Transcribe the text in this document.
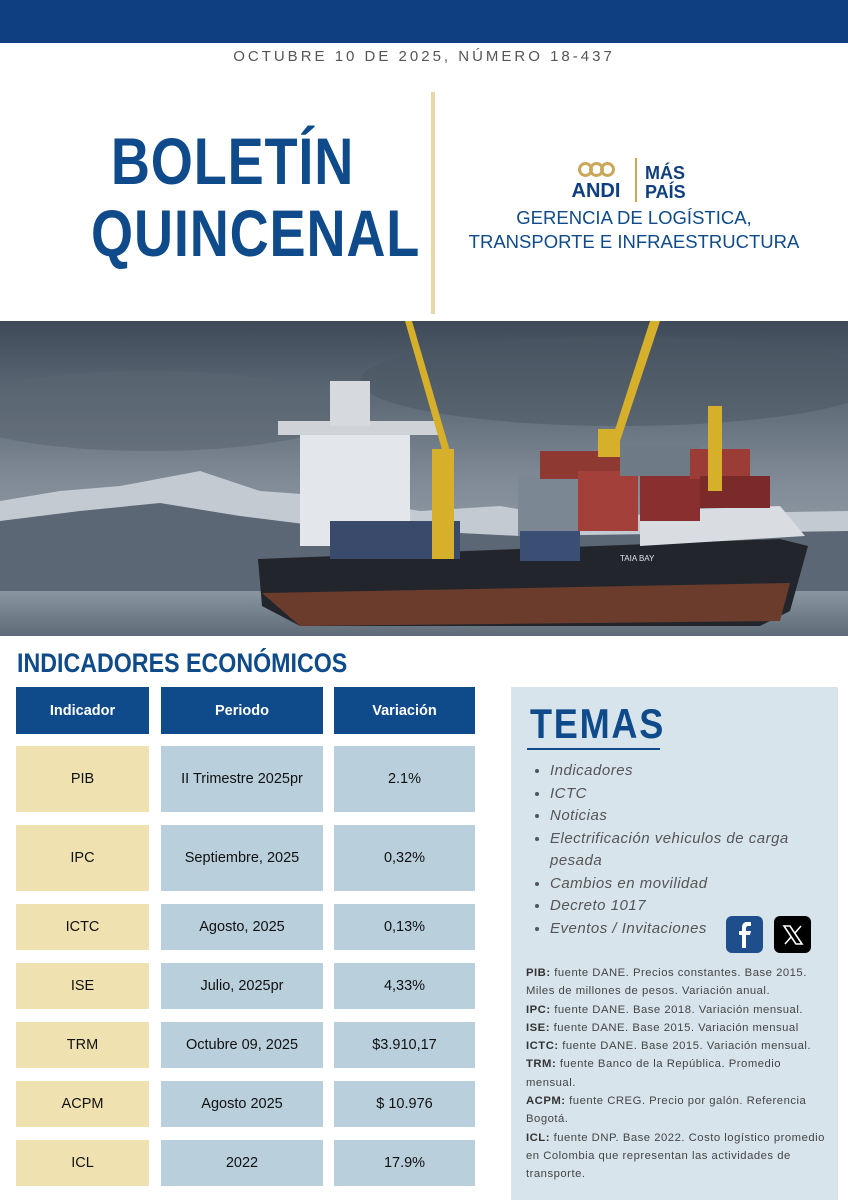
OCTUBRE 10 DE 2025, NÚMERO 18-437
BOLETÍN
QUINCENAL
ANDI
MÁS
PAÍS
GERENCIA DE LOGÍSTICA,
TRANSPORTE E INFRAESTRUCTURA
TAIA BAY
INDICADORES ECONÓMICOS
Indicador	Periodo	Variación
PIB	II Trimestre 2025pr	2.1%
IPC	Septiembre, 2025	0,32%
ICTC	Agosto, 2025	0,13%
ISE	Julio, 2025pr	4,33%
TRM	Octubre 09, 2025	$3.910,17
ACPM	Agosto 2025	$ 10.976
ICL	2022	17.9%
TEMAS
• Indicadores
• ICTC
• Noticias
• Electrificación vehiculos de carga pesada
• Cambios en movilidad
• Decreto 1017
• Eventos / Invitaciones
PIB: fuente DANE. Precios constantes. Base 2015. Miles de millones de pesos. Variación anual.
IPC: fuente DANE. Base 2018. Variación mensual.
ISE: fuente DANE. Base 2015. Variación mensual
ICTC: fuente DANE. Base 2015. Variación mensual.
TRM: fuente Banco de la República. Promedio mensual.
ACPM: fuente CREG. Precio por galón. Referencia Bogotá.
ICL: fuente DNP. Base 2022. Costo logístico promedio en Colombia que representan las actividades de transporte.
